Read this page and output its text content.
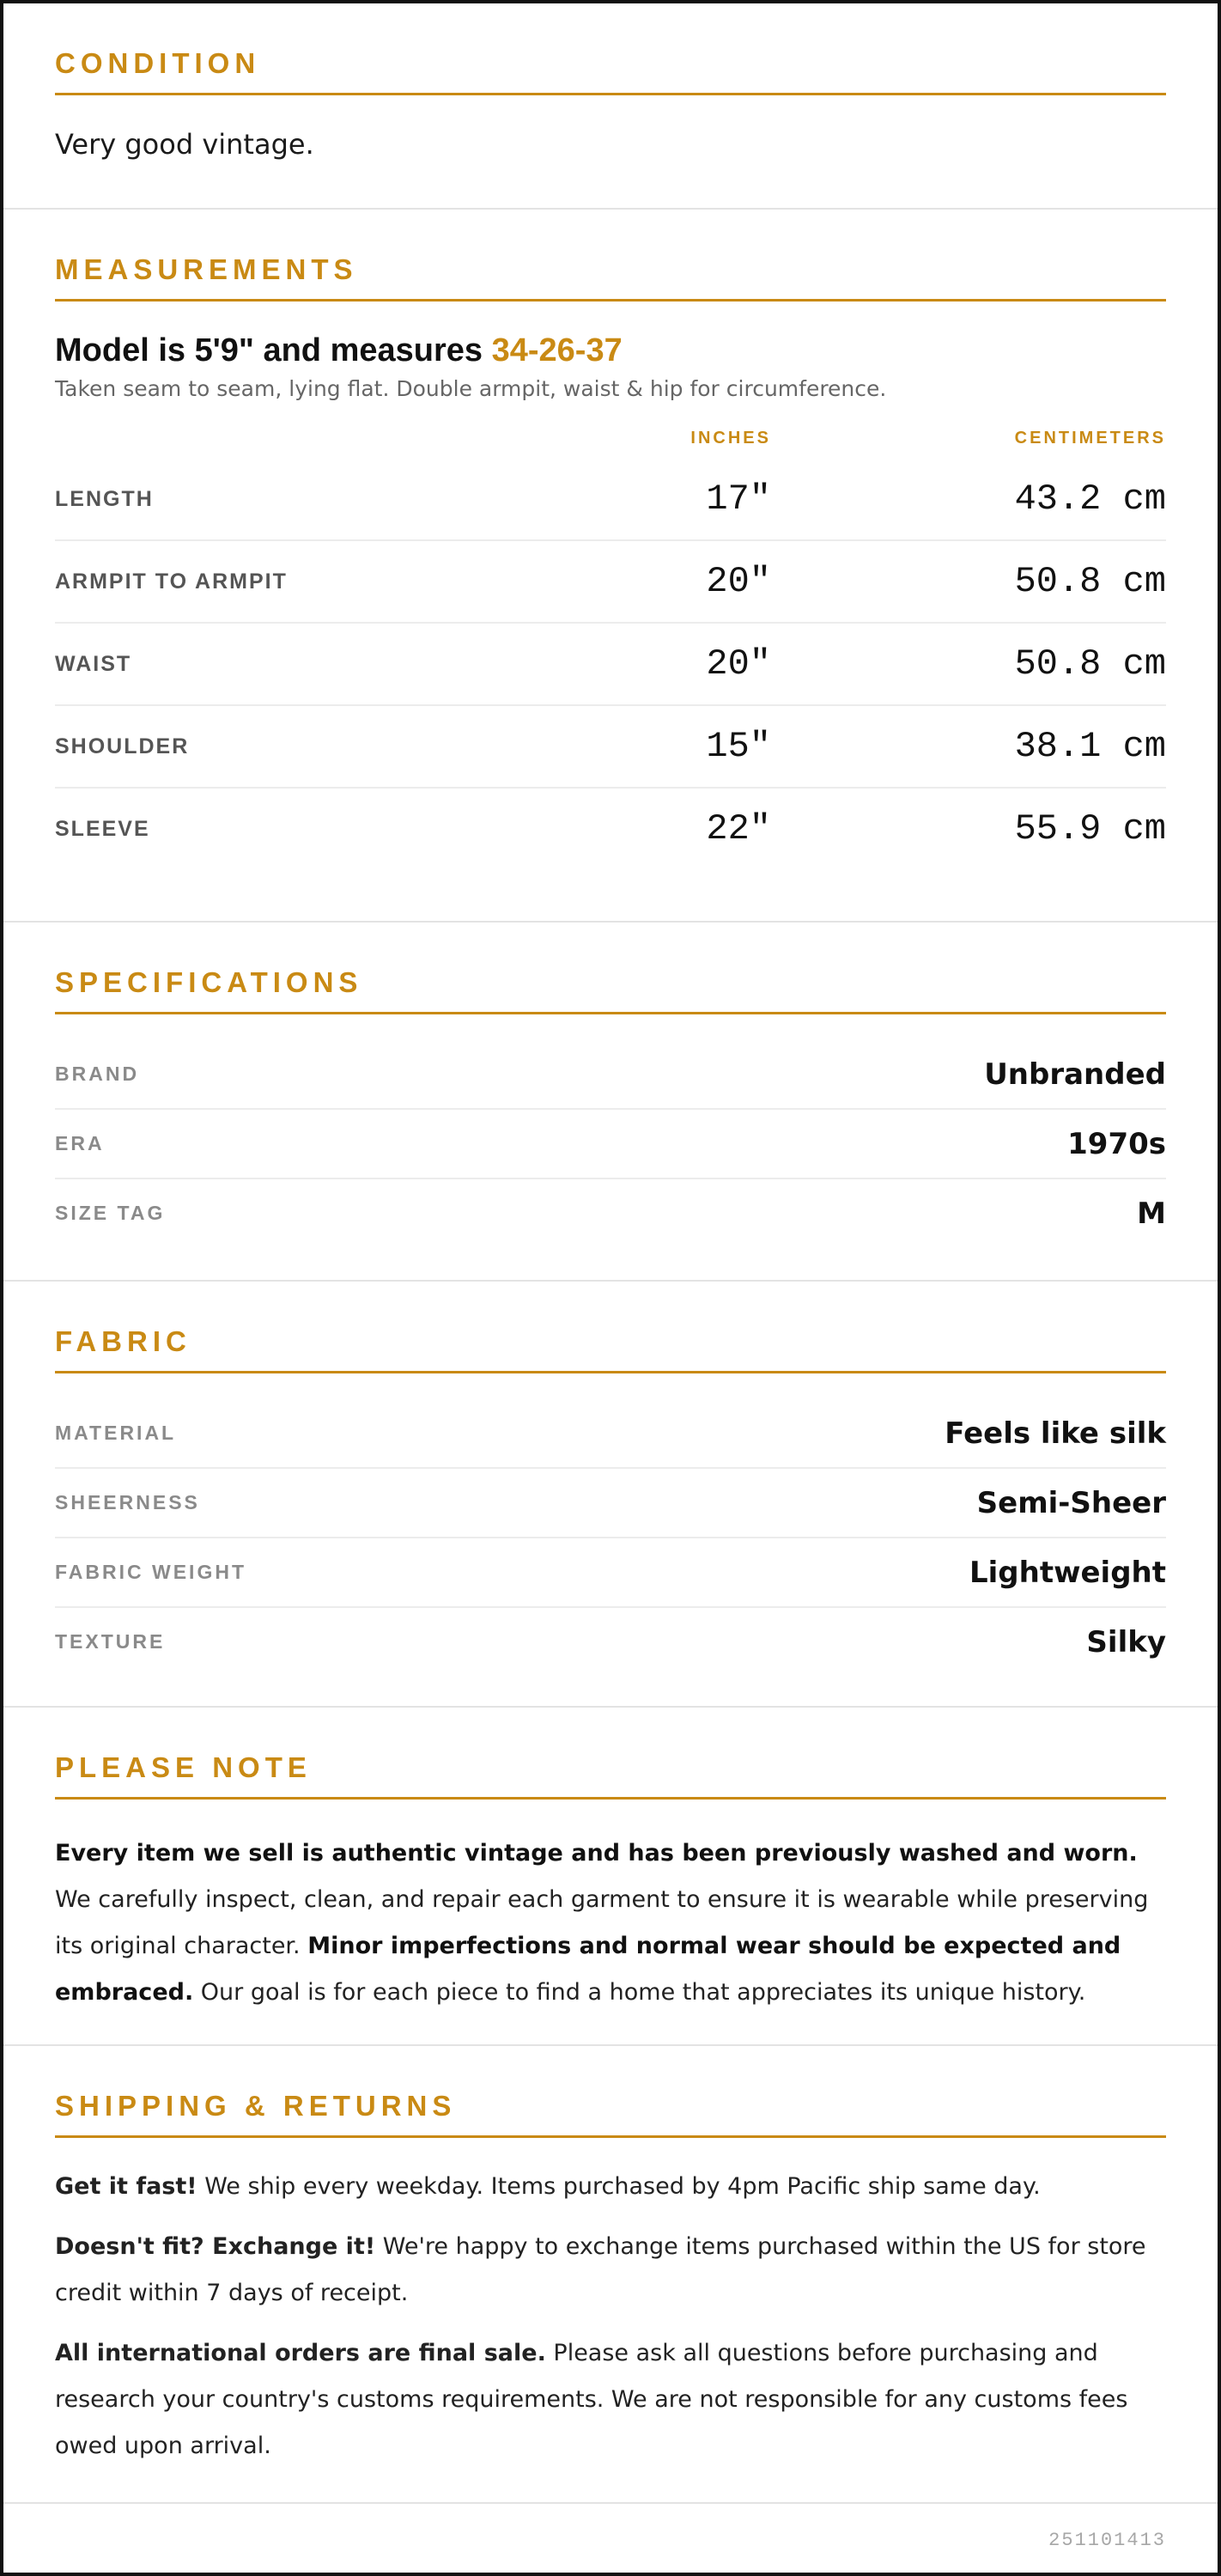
CONDITION
Very good vintage.
MEASUREMENTS
Model is 5'9" and measures 34-26-37
Taken seam to seam, lying flat. Double armpit, waist & hip for circumference.
INCHES	CENTIMETERS
LENGTH	17"	43.2 cm
ARMPIT TO ARMPIT	20"	50.8 cm
WAIST	20"	50.8 cm
SHOULDER	15"	38.1 cm
SLEEVE	22"	55.9 cm
SPECIFICATIONS
BRAND	Unbranded
ERA	1970s
SIZE TAG	M
FABRIC
MATERIAL	Feels like silk
SHEERNESS	Semi-Sheer
FABRIC WEIGHT	Lightweight
TEXTURE	Silky
PLEASE NOTE

Every item we sell is authentic vintage and has been previously washed and worn. We carefully inspect, clean, and repair each garment to ensure it is wearable while preserving its original character. Minor imperfections and normal wear should be expected and embraced. Our goal is for each piece to find a home that appreciates its unique history.

SHIPPING & RETURNS

Get it fast! We ship every weekday. Items purchased by 4pm Pacific ship same day.

Doesn't fit? Exchange it! We're happy to exchange items purchased within the US for store credit within 7 days of receipt.

All international orders are final sale. Please ask all questions before purchasing and research your country's customs requirements. We are not responsible for any customs fees owed upon arrival.

251101413
